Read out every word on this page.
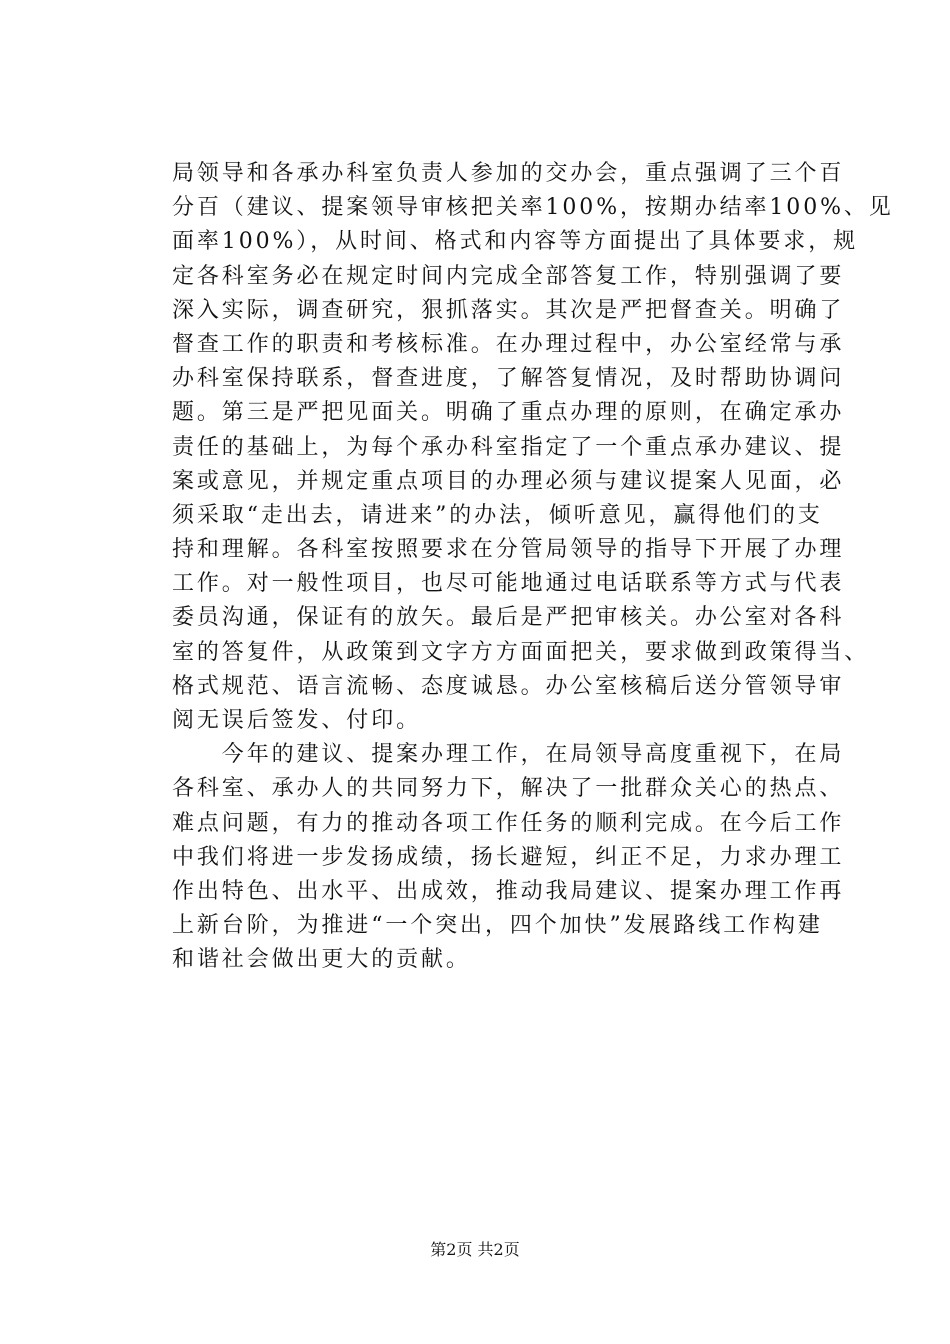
局领导和各承办科室负责人参加的交办会，重点强调了三个百
分百（建议、提案领导审核把关率100%，按期办结率100%、见
面率100%），从时间、格式和内容等方面提出了具体要求，规
定各科室务必在规定时间内完成全部答复工作，特别强调了要
深入实际，调查研究，狠抓落实。其次是严把督查关。明确了
督查工作的职责和考核标准。在办理过程中，办公室经常与承
办科室保持联系，督查进度，了解答复情况，及时帮助协调问
题。第三是严把见面关。明确了重点办理的原则，在确定承办
责任的基础上，为每个承办科室指定了一个重点承办建议、提
案或意见，并规定重点项目的办理必须与建议提案人见面，必
须采取“走出去，请进来”的办法，倾听意见，赢得他们的支
持和理解。各科室按照要求在分管局领导的指导下开展了办理
工作。对一般性项目，也尽可能地通过电话联系等方式与代表
委员沟通，保证有的放矢。最后是严把审核关。办公室对各科
室的答复件，从政策到文字方方面面把关，要求做到政策得当、
格式规范、语言流畅、态度诚恳。办公室核稿后送分管领导审
阅无误后签发、付印。
　　今年的建议、提案办理工作，在局领导高度重视下，在局
各科室、承办人的共同努力下，解决了一批群众关心的热点、
难点问题，有力的推动各项工作任务的顺利完成。在今后工作
中我们将进一步发扬成绩，扬长避短，纠正不足，力求办理工
作出特色、出水平、出成效，推动我局建议、提案办理工作再
上新台阶，为推进“一个突出，四个加快”发展路线工作构建
和谐社会做出更大的贡献。
第2页 共2页
